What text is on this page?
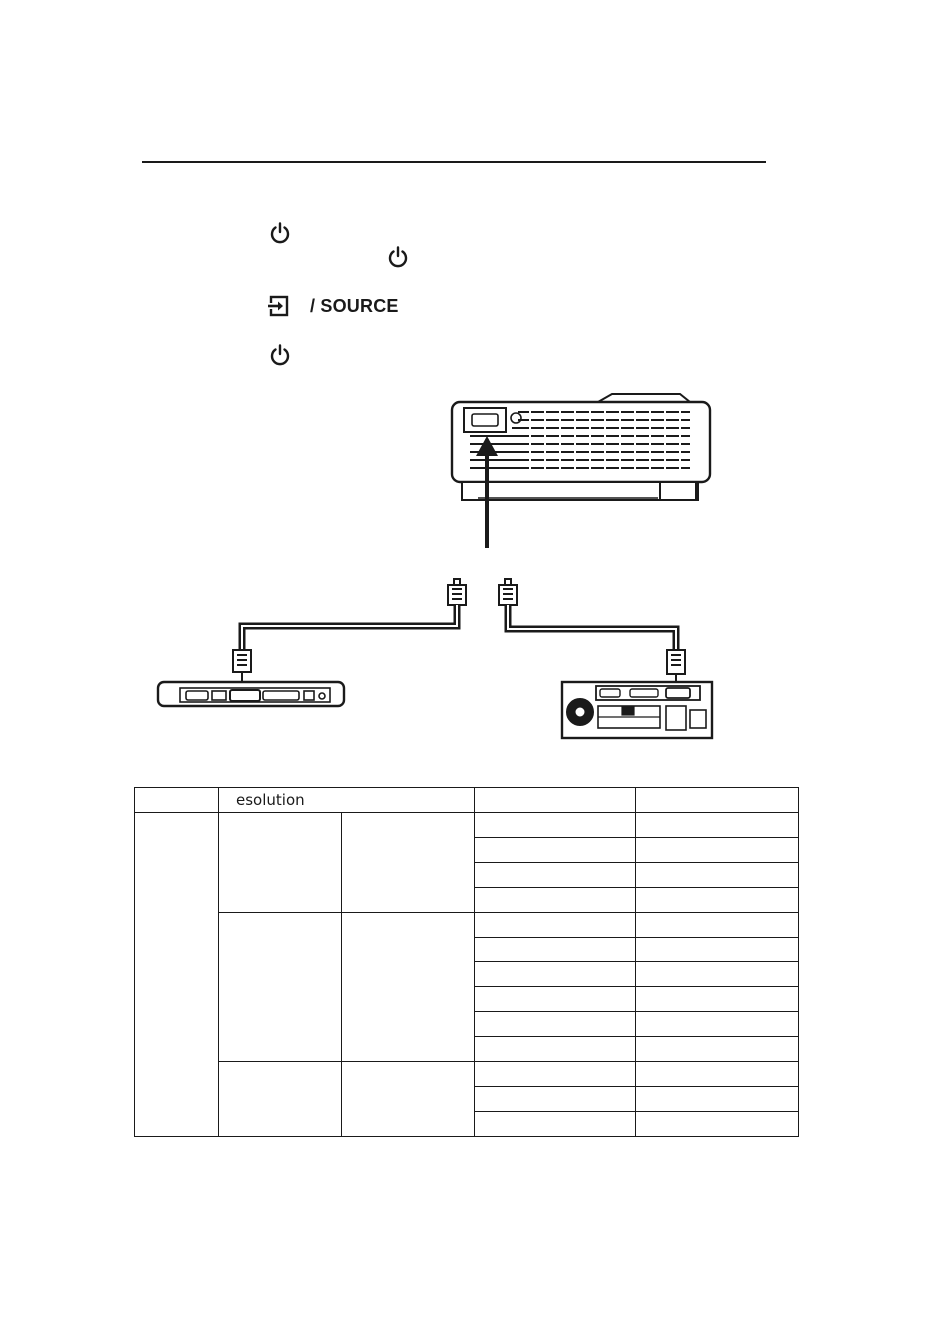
/ SOURCE
	esolution			
